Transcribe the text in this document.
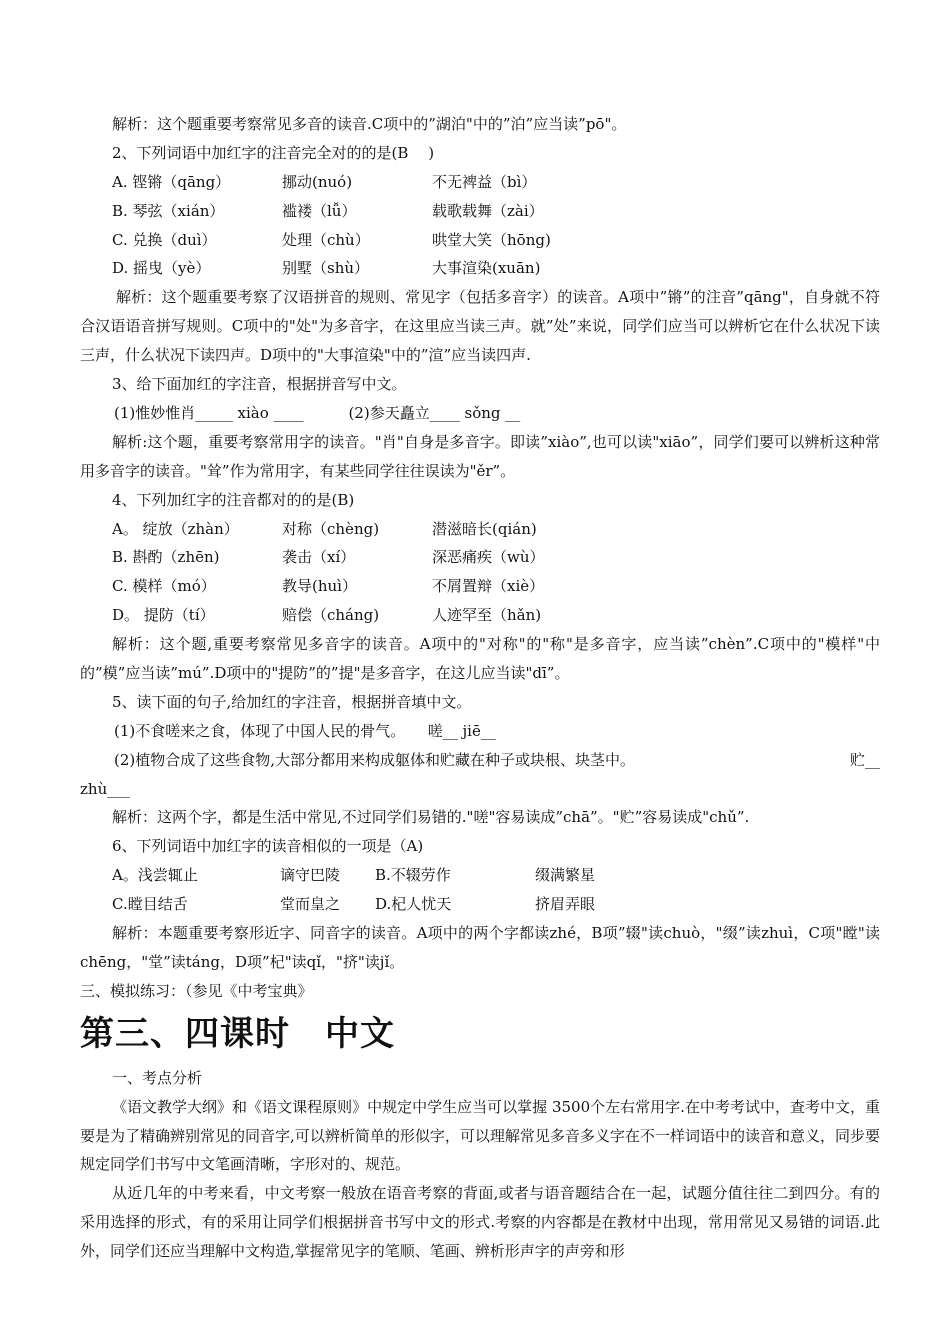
解析：这个题重要考察常见多音的读音.C项中的”湖泊"中的”泊”应当读”pō"。
2、下列词语中加红字的注音完全对的的是(B　 )
A. 铿锵（qāng）	挪动(nuó)	不无裨益（bì）
B. 琴弦（xián）	褴褛（lǚ）	载歌载舞（zài）
C. 兑换（duì）	处理（chù）	哄堂大笑（hōng)
D. 摇曳（yè）	别墅（shù）	大事渲染(xuān)
解析：这个题重要考察了汉语拼音的规则、常见字（包括多音字）的读音。A项中”锵”的注音”qāng"，自身就不符合汉语语音拼写规则。C项中的"处"为多音字，在这里应当读三声。就”处”来说，同学们应当可以辨析它在什么状况下读三声，什么状况下读四声。D项中的"大事渲染"中的”渲”应当读四声.
3、给下面加红的字注音，根据拼音写中文。
(1)惟妙惟肖_____ xiào ____　　　(2)参天矗立____ sǒng __
解析:这个题，重要考察常用字的读音。"肖"自身是多音字。即读”xiào”,也可以读"xiāo”，同学们要可以辨析这种常用多音字的读音。"耸”作为常用字，有某些同学往往误读为"ěr”。
4、下列加红字的注音都对的的是(B)
A。 绽放（zhàn）	对称（chèng)	潜滋暗长(qián)
B. 斟酌（zhēn)	袭击（xí）	深恶痛疾（wù）
C. 模样（mó）	教导(huì）	不屑置辩（xiè）
D。 提防（tí）	赔偿（cháng)	人迹罕至（hǎn)
解析：这个题,重要考察常见多音字的读音。A项中的"对称"的"称"是多音字，应当读”chèn”.C项中的"模样"中的”模”应当读”mú”.D项中的"提防”的”提"是多音字，在这儿应当读"dī”。
5、读下面的句子,给加红的字注音，根据拼音填中文。
(1)不食嗟来之食，体现了中国人民的骨气。　　嗟__ jiē__
(2)植物合成了这些食物,大部分都用来构成躯体和贮藏在种子或块根、块茎中。	贮__
zhù___
解析：这两个字，都是生活中常见,不过同学们易错的."嗟"容易读成”chā”。"贮”容易读成"chǔ”.
6、下列词语中加红字的读音相似的一项是（A)
A。浅尝辄止	谪守巴陵	B.不辍劳作	缀满繁星
C.瞠目结舌	堂而皇之	D.杞人忧天	挤眉弄眼
解析：本题重要考察形近字、同音字的读音。A项中的两个字都读zhé，B项”辍"读chuò，"缀”读zhuì，C项"瞠"读chēng，"堂”读táng，D项”杞"读qǐ，"挤"读jǐ。
三、模拟练习：（参见《中考宝典》
第三、四课时　中文
一、考点分析
《语文教学大纲》和《语文课程原则》中规定中学生应当可以掌握 3500个左右常用字.在中考考试中，查考中文，重要是为了精确辨别常见的同音字,可以辨析简单的形似字，可以理解常见多音多义字在不一样词语中的读音和意义，同步要规定同学们书写中文笔画清晰，字形对的、规范。
从近几年的中考来看，中文考察一般放在语音考察的背面,或者与语音题结合在一起，试题分值往往二到四分。有的采用选择的形式，有的采用让同学们根据拼音书写中文的形式.考察的内容都是在教材中出现，常用常见又易错的词语.此外，同学们还应当理解中文构造,掌握常见字的笔顺、笔画、辨析形声字的声旁和形
